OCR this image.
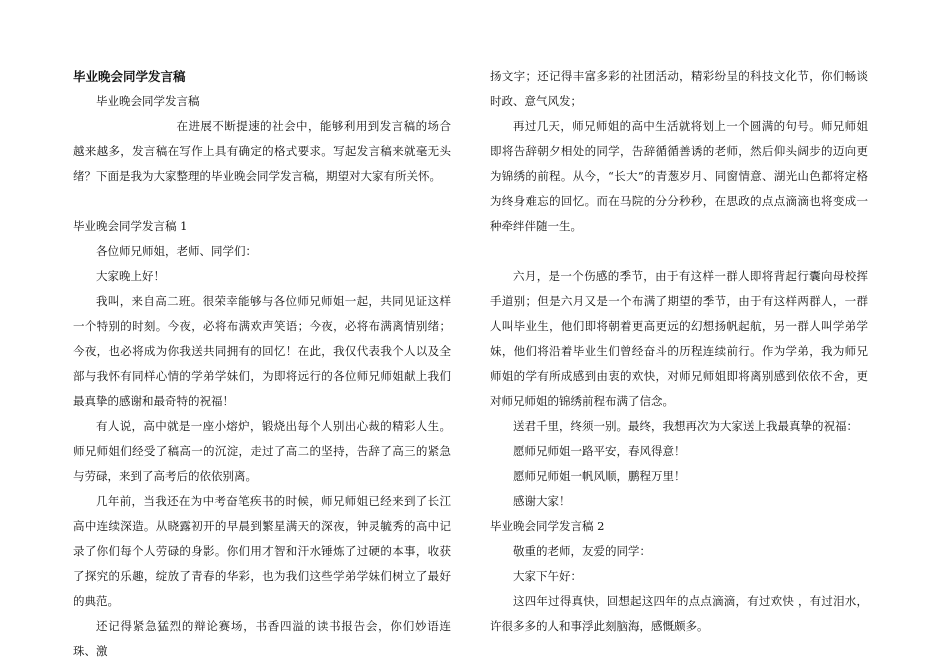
毕业晚会同学发言稿

毕业晚会同学发言稿

在进展不断提速的社会中，能够利用到发言稿的场合越来越多，发言稿在写作上具有确定的格式要求。写起发言稿来就毫无头绪？下面是我为大家整理的毕业晚会同学发言稿，期望对大家有所关怀。

毕业晚会同学发言稿 1

各位师兄师姐，老师、同学们：

大家晚上好！

我叫，来自高二班。很荣幸能够与各位师兄师姐一起，共同见证这样一个特别的时刻。今夜，必将布满欢声笑语；今夜，必将布满离情别绪；今夜，也必将成为你我送共同拥有的回忆！在此，我仅代表我个人以及全部与我怀有同样心情的学弟学妹们，为即将远行的各位师兄师姐献上我们最真挚的感谢和最奇特的祝福！

有人说，高中就是一座小熔炉，锻烧出每个人别出心裁的精彩人生。师兄师姐们经受了稿高一的沉淀，走过了高二的坚持，告辞了高三的紧急与劳碌，来到了高考后的依依别离。

几年前，当我还在为中考奋笔疾书的时候，师兄师姐已经来到了长江高中连续深造。从晓露初开的早晨到繁星满天的深夜，钟灵毓秀的高中记录了你们每个人劳碌的身影。你们用才智和汗水锤炼了过硬的本事，收获了探究的乐趣，绽放了青春的华彩，也为我们这些学弟学妹们树立了最好的典范。

还记得紧急猛烈的辩论赛场，书香四溢的读书报告会，你们妙语连珠、激

扬文字；还记得丰富多彩的社团活动，精彩纷呈的科技文化节，你们畅谈时政、意气风发；

再过几天，师兄师姐的高中生活就将划上一个圆满的句号。师兄师姐即将告辞朝夕相处的同学，告辞循循善诱的老师，然后仰头阔步的迈向更为锦绣的前程。从今，“长大”的青葱岁月、同窗情意、湖光山色都将定格为终身难忘的回忆。而在马院的分分秒秒，在思政的点点滴滴也将变成一种牵绊伴随一生。

六月，是一个伤感的季节，由于有这样一群人即将背起行囊向母校挥手道别；但是六月又是一个布满了期望的季节，由于有这样两群人，一群人叫毕业生，他们即将朝着更高更远的幻想扬帆起航，另一群人叫学弟学妹，他们将沿着毕业生们曾经奋斗的历程连续前行。作为学弟，我为师兄师姐的学有所成感到由衷的欢快，对师兄师姐即将离别感到依依不舍，更对师兄师姐的锦绣前程布满了信念。

送君千里，终须一别。最终，我想再次为大家送上我最真挚的祝福：

愿师兄师姐一路平安，春风得意！

愿师兄师姐一帆风顺，鹏程万里！

感谢大家！

毕业晚会同学发言稿 2

敬重的老师，友爱的同学：

大家下午好：

这四年过得真快，回想起这四年的点点滴滴，有过欢快 ，有过泪水，许很多多的人和事浮此刻脑海，感慨颇多。
